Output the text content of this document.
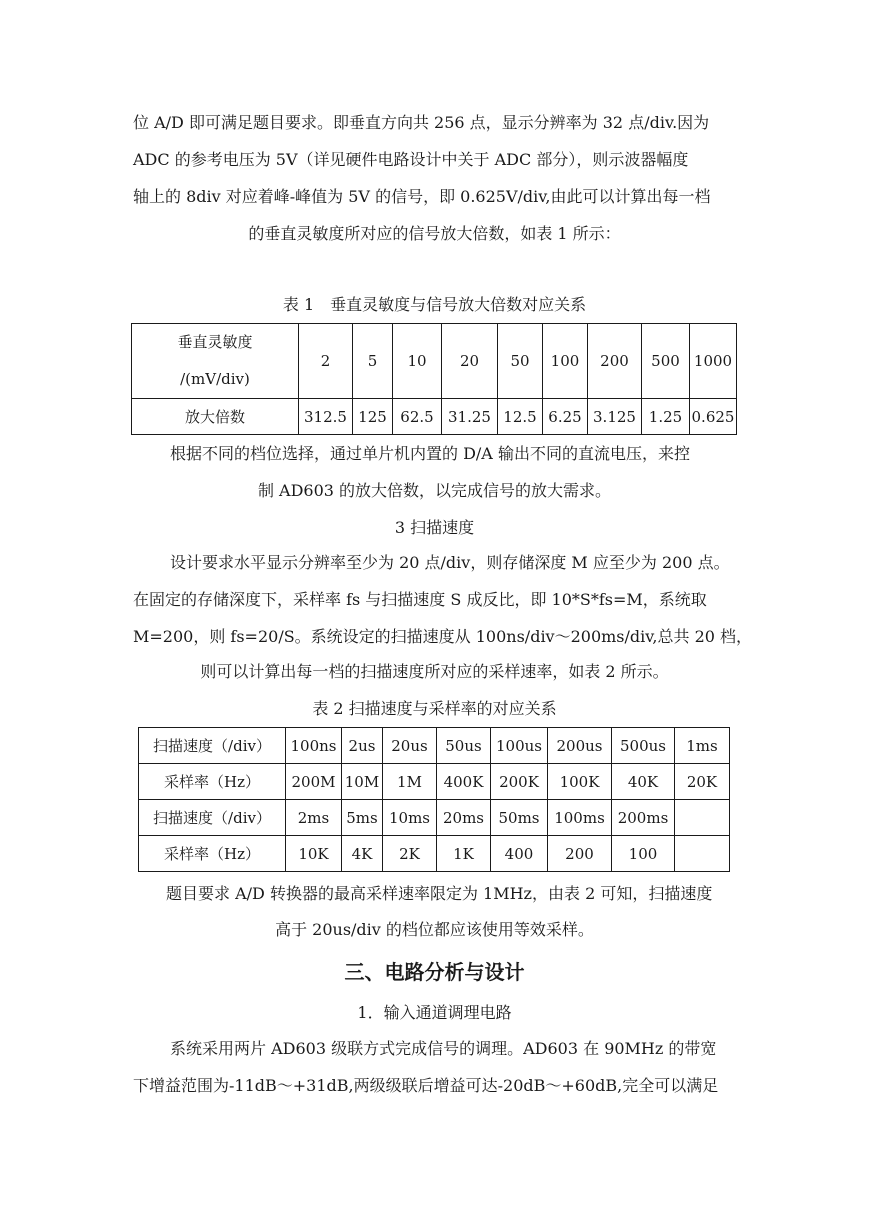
位 A/D 即可满足题目要求。即垂直方向共 256 点，显示分辨率为 32 点/div.因为
ADC 的参考电压为 5V（详见硬件电路设计中关于 ADC 部分），则示波器幅度
轴上的 8div 对应着峰-峰值为 5V 的信号，即 0.625V/div,由此可以计算出每一档
的垂直灵敏度所对应的信号放大倍数，如表 1 所示：
表 1　垂直灵敏度与信号放大倍数对应关系
垂直灵敏度
/(mV/div)	2	5	10	20	50	100	200	500	1000
放大倍数	312.5	125	62.5	31.25	12.5	6.25	3.125	1.25	0.625
根据不同的档位选择，通过单片机内置的 D/A 输出不同的直流电压，来控
制 AD603 的放大倍数，以完成信号的放大需求。
3 扫描速度
设计要求水平显示分辨率至少为 20 点/div，则存储深度 M 应至少为 200 点。
在固定的存储深度下，采样率 fs 与扫描速度 S 成反比，即 10*S*fs=M，系统取
M=200，则 fs=20/S。系统设定的扫描速度从 100ns/div～200ms/div,总共 20 档，
则可以计算出每一档的扫描速度所对应的采样速率，如表 2 所示。
表 2 扫描速度与采样率的对应关系
扫描速度（/div）	100ns	2us	20us	50us	100us	200us	500us	1ms
采样率（Hz）	200M	10M	1M	400K	200K	100K	40K	20K
扫描速度（/div）	2ms	5ms	10ms	20ms	50ms	100ms	200ms	
采样率（Hz）	10K	4K	2K	1K	400	200	100	
题目要求 A/D 转换器的最高采样速率限定为 1MHz，由表 2 可知，扫描速度
高于 20us/div 的档位都应该使用等效采样。
三、电路分析与设计
1．输入通道调理电路
系统采用两片 AD603 级联方式完成信号的调理。AD603 在 90MHz 的带宽
下增益范围为-11dB～+31dB,两级级联后增益可达-20dB～+60dB,完全可以满足
